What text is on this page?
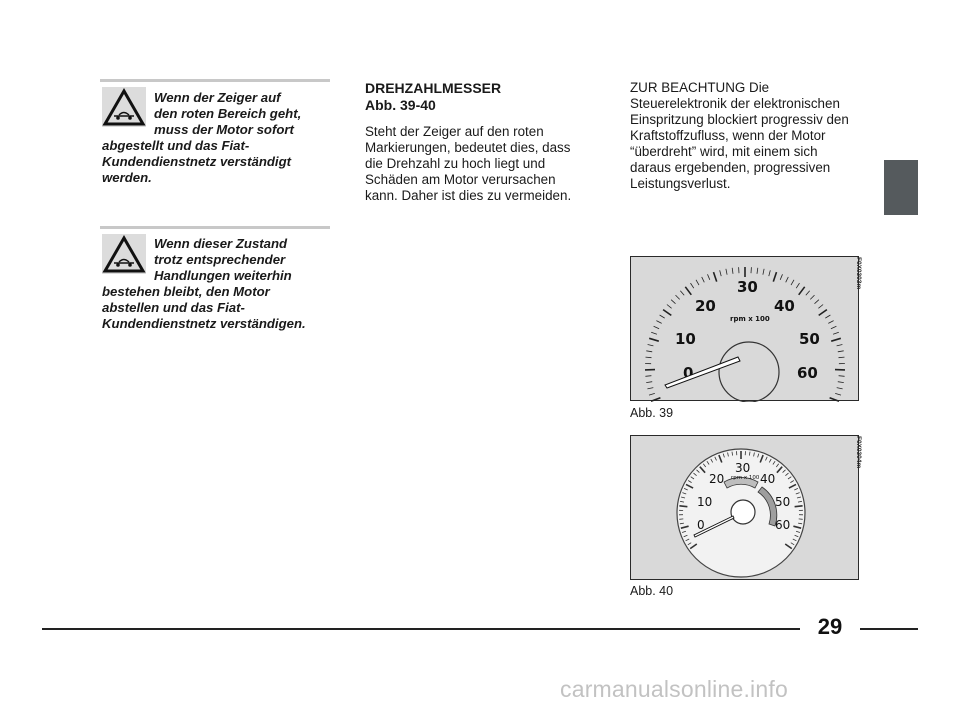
Wenn der Zeiger auf
den roten Bereich geht,
muss der Motor sofort
abgestellt und das Fiat-
Kundendienstnetz verständigt
werden.

Wenn dieser Zustand
trotz entsprechender
Handlungen weiterhin
bestehen bleibt, den Motor
abstellen und das Fiat-
Kundendienstnetz verständigen.

DREHZAHLMESSER
Abb. 39-40

Steht der Zeiger auf den roten
Markierungen, bedeutet dies, dass
die Drehzahl zu hoch liegt und
Schäden am Motor verursachen
kann. Daher ist dies zu vermeiden.

ZUR BEACHTUNG Die
Steuerelektronik der elektronischen
Einspritzung blockiert progressiv den
Kraftstoffzufluss, wenn der Motor
“überdreht” wird, mit einem sich
daraus ergebenden, progressiven
Leistungsverlust.

0
10
20
30
40
50
60
rpm x 100
F0X0303m
Abb. 39
0
10
20
30
40
50
60
rpm x 100
F0X0304m
Abb. 40
29
carmanualsonline.info
